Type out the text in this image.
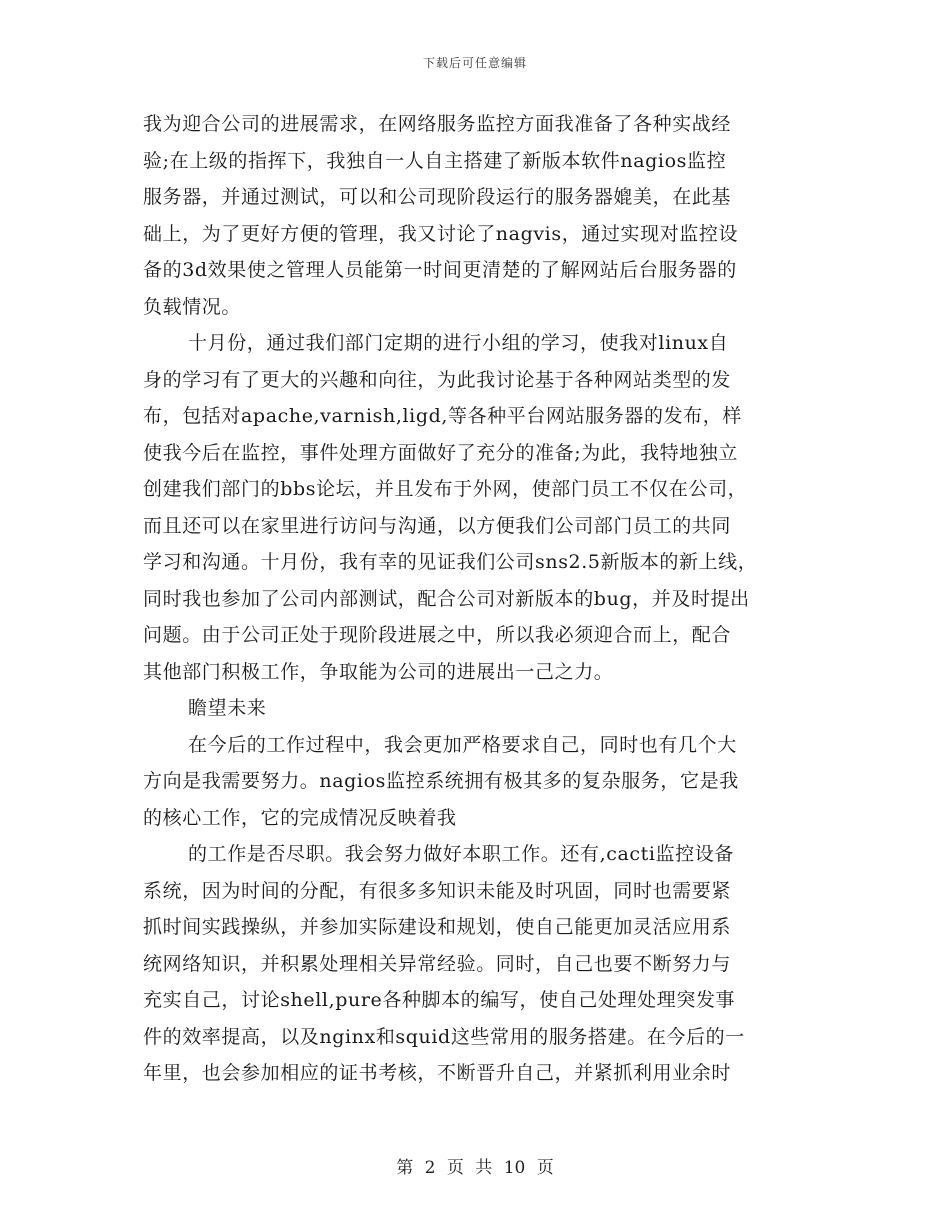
下载后可任意编辑
我为迎合公司的进展需求，在网络服务监控方面我准备了各种实战经
验;在上级的指挥下，我独自一人自主搭建了新版本软件nagios监控
服务器，并通过测试，可以和公司现阶段运行的服务器媲美，在此基
础上，为了更好方便的管理，我又讨论了nagvis，通过实现对监控设
备的3d效果使之管理人员能第一时间更清楚的了解网站后台服务器的
负载情况。
十月份，通过我们部门定期的进行小组的学习，使我对linux自
身的学习有了更大的兴趣和向往，为此我讨论基于各种网站类型的发
布，包括对apache,varnish,ligd,等各种平台网站服务器的发布，样
使我今后在监控，事件处理方面做好了充分的准备;为此，我特地独立
创建我们部门的bbs论坛，并且发布于外网，使部门员工不仅在公司，
而且还可以在家里进行访问与沟通，以方便我们公司部门员工的共同
学习和沟通。十月份，我有幸的见证我们公司sns2.5新版本的新上线，
同时我也参加了公司内部测试，配合公司对新版本的bug，并及时提出
问题。由于公司正处于现阶段进展之中，所以我必须迎合而上，配合
其他部门积极工作，争取能为公司的进展出一己之力。
瞻望未来
在今后的工作过程中，我会更加严格要求自己，同时也有几个大
方向是我需要努力。nagios监控系统拥有极其多的复杂服务，它是我
的核心工作，它的完成情况反映着我
的工作是否尽职。我会努力做好本职工作。还有,cacti监控设备
系统，因为时间的分配，有很多多知识未能及时巩固，同时也需要紧
抓时间实践操纵，并参加实际建设和规划，使自己能更加灵活应用系
统网络知识，并积累处理相关异常经验。同时，自己也要不断努力与
充实自己，讨论shell,pure各种脚本的编写，使自己处理处理突发事
件的效率提高，以及nginx和squid这些常用的服务搭建。在今后的一
年里，也会参加相应的证书考核，不断晋升自己，并紧抓利用业余时
第 2 页 共 10 页
